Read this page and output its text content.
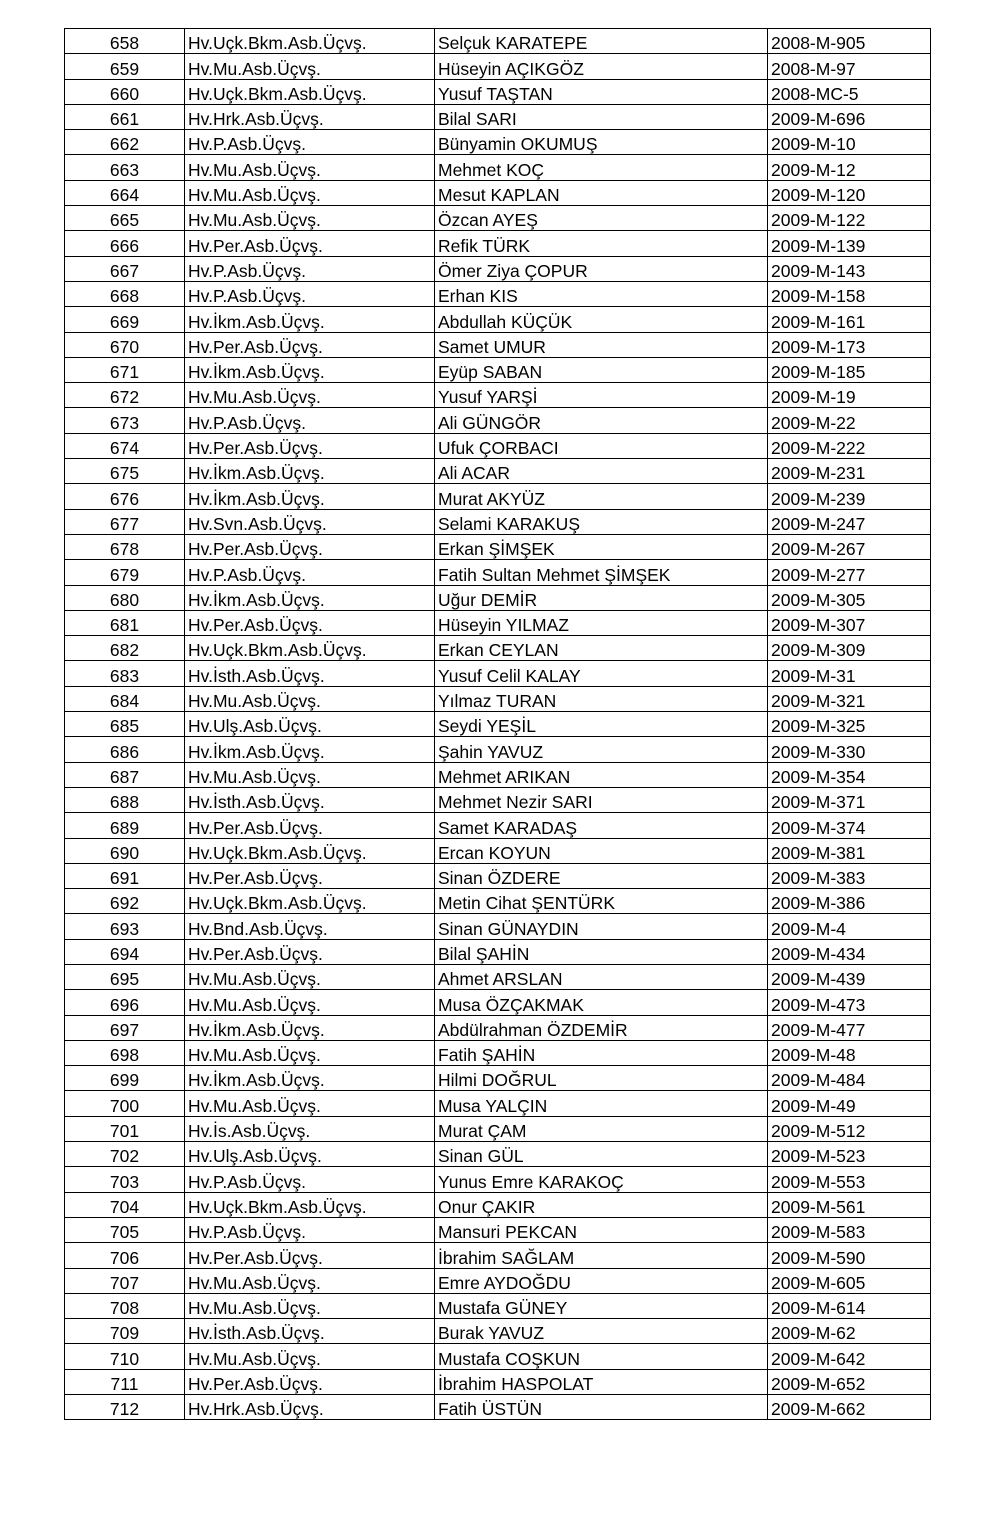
658	Hv.Uçk.Bkm.Asb.Üçvş.	Selçuk KARATEPE	2008-M-905
659	Hv.Mu.Asb.Üçvş.	Hüseyin AÇIKGÖZ	2008-M-97
660	Hv.Uçk.Bkm.Asb.Üçvş.	Yusuf TAŞTAN	2008-MC-5
661	Hv.Hrk.Asb.Üçvş.	Bilal SARI	2009-M-696
662	Hv.P.Asb.Üçvş.	Bünyamin OKUMUŞ	2009-M-10
663	Hv.Mu.Asb.Üçvş.	Mehmet KOÇ	2009-M-12
664	Hv.Mu.Asb.Üçvş.	Mesut KAPLAN	2009-M-120
665	Hv.Mu.Asb.Üçvş.	Özcan AYEŞ	2009-M-122
666	Hv.Per.Asb.Üçvş.	Refik TÜRK	2009-M-139
667	Hv.P.Asb.Üçvş.	Ömer Ziya ÇOPUR	2009-M-143
668	Hv.P.Asb.Üçvş.	Erhan KIS	2009-M-158
669	Hv.İkm.Asb.Üçvş.	Abdullah KÜÇÜK	2009-M-161
670	Hv.Per.Asb.Üçvş.	Samet UMUR	2009-M-173
671	Hv.İkm.Asb.Üçvş.	Eyüp SABAN	2009-M-185
672	Hv.Mu.Asb.Üçvş.	Yusuf YARŞİ	2009-M-19
673	Hv.P.Asb.Üçvş.	Ali GÜNGÖR	2009-M-22
674	Hv.Per.Asb.Üçvş.	Ufuk ÇORBACI	2009-M-222
675	Hv.İkm.Asb.Üçvş.	Ali ACAR	2009-M-231
676	Hv.İkm.Asb.Üçvş.	Murat AKYÜZ	2009-M-239
677	Hv.Svn.Asb.Üçvş.	Selami KARAKUŞ	2009-M-247
678	Hv.Per.Asb.Üçvş.	Erkan ŞİMŞEK	2009-M-267
679	Hv.P.Asb.Üçvş.	Fatih Sultan Mehmet ŞİMŞEK	2009-M-277
680	Hv.İkm.Asb.Üçvş.	Uğur DEMİR	2009-M-305
681	Hv.Per.Asb.Üçvş.	Hüseyin YILMAZ	2009-M-307
682	Hv.Uçk.Bkm.Asb.Üçvş.	Erkan CEYLAN	2009-M-309
683	Hv.İsth.Asb.Üçvş.	Yusuf Celil KALAY	2009-M-31
684	Hv.Mu.Asb.Üçvş.	Yılmaz TURAN	2009-M-321
685	Hv.Ulş.Asb.Üçvş.	Seydi YEŞİL	2009-M-325
686	Hv.İkm.Asb.Üçvş.	Şahin YAVUZ	2009-M-330
687	Hv.Mu.Asb.Üçvş.	Mehmet ARIKAN	2009-M-354
688	Hv.İsth.Asb.Üçvş.	Mehmet Nezir SARI	2009-M-371
689	Hv.Per.Asb.Üçvş.	Samet KARADAŞ	2009-M-374
690	Hv.Uçk.Bkm.Asb.Üçvş.	Ercan KOYUN	2009-M-381
691	Hv.Per.Asb.Üçvş.	Sinan ÖZDERE	2009-M-383
692	Hv.Uçk.Bkm.Asb.Üçvş.	Metin Cihat ŞENTÜRK	2009-M-386
693	Hv.Bnd.Asb.Üçvş.	Sinan GÜNAYDIN	2009-M-4
694	Hv.Per.Asb.Üçvş.	Bilal ŞAHİN	2009-M-434
695	Hv.Mu.Asb.Üçvş.	Ahmet ARSLAN	2009-M-439
696	Hv.Mu.Asb.Üçvş.	Musa ÖZÇAKMAK	2009-M-473
697	Hv.İkm.Asb.Üçvş.	Abdülrahman ÖZDEMİR	2009-M-477
698	Hv.Mu.Asb.Üçvş.	Fatih ŞAHİN	2009-M-48
699	Hv.İkm.Asb.Üçvş.	Hilmi DOĞRUL	2009-M-484
700	Hv.Mu.Asb.Üçvş.	Musa YALÇIN	2009-M-49
701	Hv.İs.Asb.Üçvş.	Murat ÇAM	2009-M-512
702	Hv.Ulş.Asb.Üçvş.	Sinan GÜL	2009-M-523
703	Hv.P.Asb.Üçvş.	Yunus Emre KARAKOÇ	2009-M-553
704	Hv.Uçk.Bkm.Asb.Üçvş.	Onur ÇAKIR	2009-M-561
705	Hv.P.Asb.Üçvş.	Mansuri PEKCAN	2009-M-583
706	Hv.Per.Asb.Üçvş.	İbrahim SAĞLAM	2009-M-590
707	Hv.Mu.Asb.Üçvş.	Emre AYDOĞDU	2009-M-605
708	Hv.Mu.Asb.Üçvş.	Mustafa GÜNEY	2009-M-614
709	Hv.İsth.Asb.Üçvş.	Burak YAVUZ	2009-M-62
710	Hv.Mu.Asb.Üçvş.	Mustafa COŞKUN	2009-M-642
711	Hv.Per.Asb.Üçvş.	İbrahim HASPOLAT	2009-M-652
712	Hv.Hrk.Asb.Üçvş.	Fatih ÜSTÜN	2009-M-662
